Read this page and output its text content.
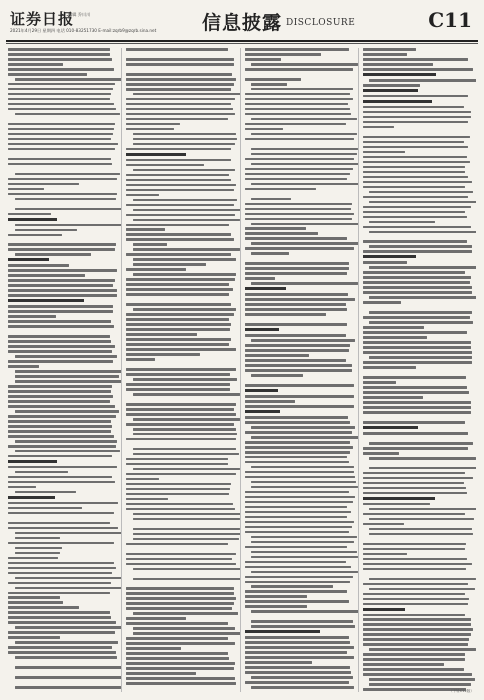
证券日报
编辑 乔川川
2021年4月29日 星期四 电话 010-83251730 E-mail:zqrb9@zqrb.sina.net 信息披露 DISCLOSURE	C11
（下转C12版）
